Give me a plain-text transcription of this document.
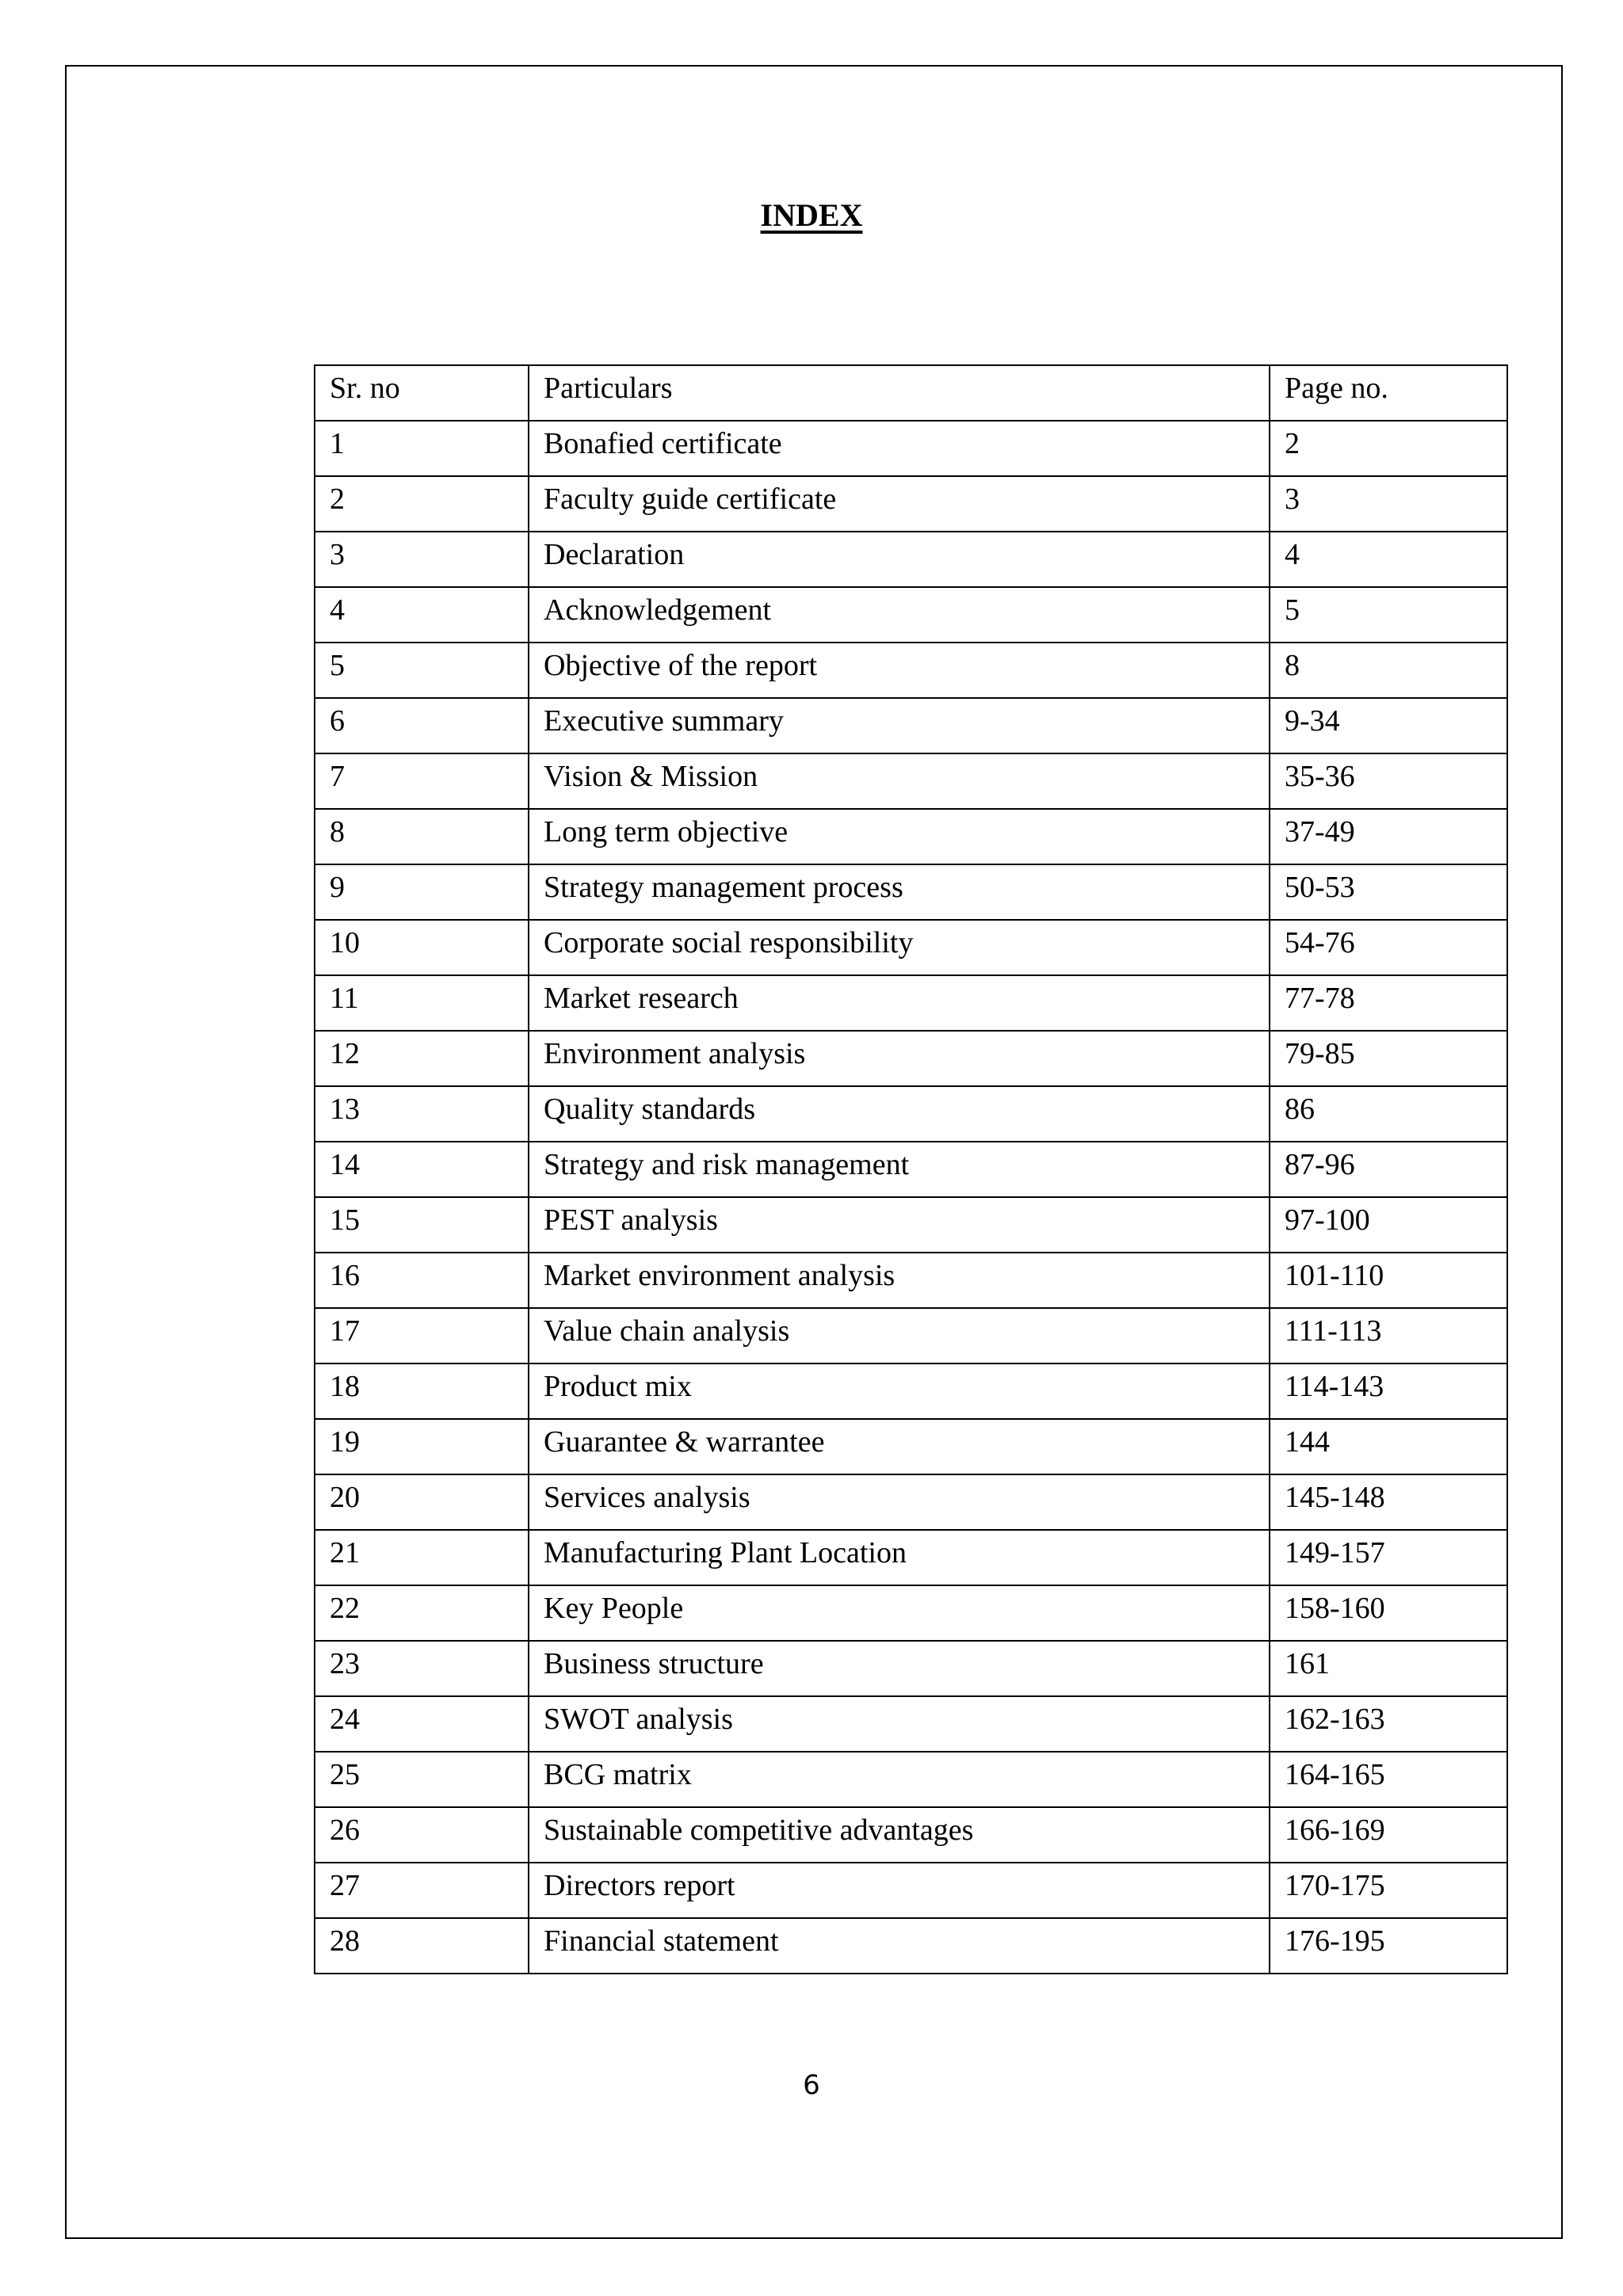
INDEX
Sr. no	Particulars	Page no.
1	Bonafied certificate	2
2	Faculty guide certificate	3
3	Declaration	4
4	Acknowledgement	5
5	Objective of the report	8
6	Executive summary	9-34
7	Vision & Mission	35-36
8	Long term objective	37-49
9	Strategy management process	50-53
10	Corporate social responsibility	54-76
11	Market research	77-78
12	Environment analysis	79-85
13	Quality standards	86
14	Strategy and risk management	87-96
15	PEST analysis	97-100
16	Market environment analysis	101-110
17	Value chain analysis	111-113
18	Product mix	114-143
19	Guarantee & warrantee	144
20	Services analysis	145-148
21	Manufacturing Plant Location	149-157
22	Key People	158-160
23	Business structure	161
24	SWOT analysis	162-163
25	BCG matrix	164-165
26	Sustainable competitive advantages	166-169
27	Directors report	170-175
28	Financial statement	176-195
6
